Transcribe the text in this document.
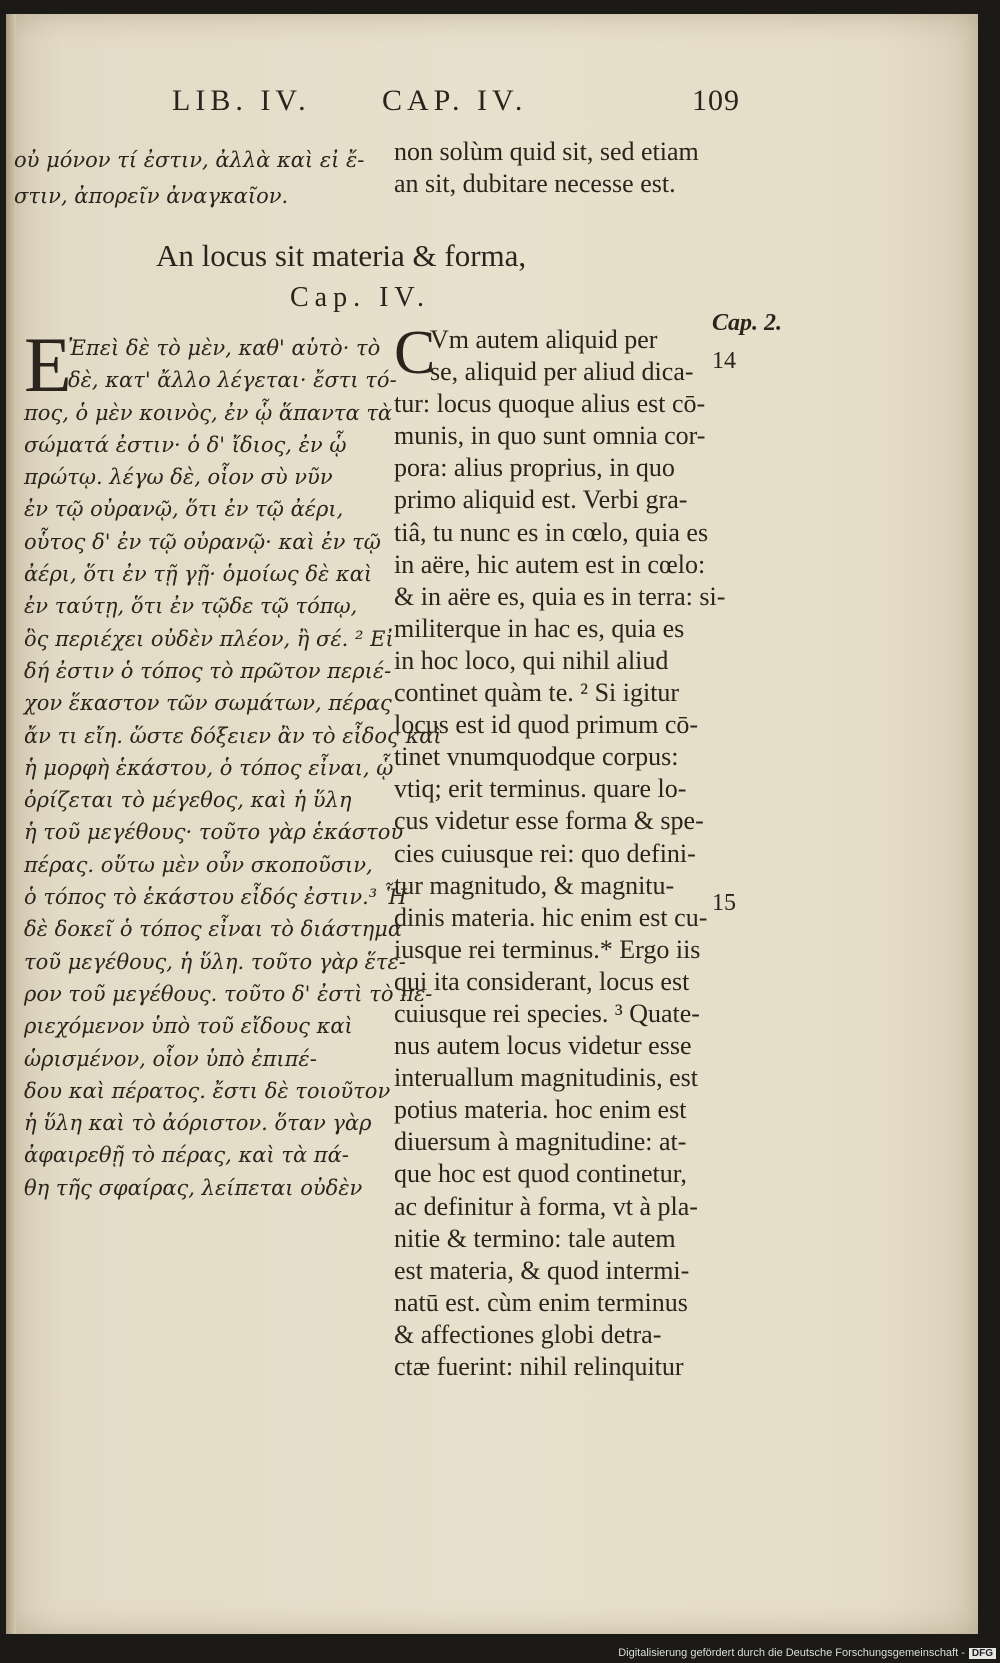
LIB. IV. CAP. IV.	109
οὐ μόνον τί ἐστιν, ἀλλὰ καὶ εἰ ἔ-
στιν, ἀπορεῖν ἀναγκαῖον.
non solùm quid sit, sed etiam
an sit, dubitare necesse est.
An locus sit materia & forma,
Cap. IV.
E
Ἐπεὶ δὲ τὸ μὲν, καθ' αὑτὸ· τὸ
δὲ, κατ' ἄλλο λέγεται· ἔστι τό-
πος, ὁ μὲν κοινὸς, ἐν ᾧ ἅπαντα τὰ
σώματά ἐστιν· ὁ δ' ἴδιος, ἐν ᾧ
πρώτῳ. λέγω δὲ, οἷον σὺ νῦν
ἐν τῷ οὐρανῷ, ὅτι ἐν τῷ ἀέρι,
οὗτος δ' ἐν τῷ οὐρανῷ· καὶ ἐν τῷ
ἀέρι, ὅτι ἐν τῇ γῇ· ὁμοίως δὲ καὶ
ἐν ταύτῃ, ὅτι ἐν τῷδε τῷ τόπῳ,
ὃς περιέχει οὐδὲν πλέον, ἢ σέ. ² Εἰ
δή ἐστιν ὁ τόπος τὸ πρῶτον περιέ-
χον ἕκαστον τῶν σωμάτων, πέρας
ἄν τι εἴη. ὥστε δόξειεν ἂν τὸ εἶδος καὶ
ἡ μορφὴ ἑκάστου, ὁ τόπος εἶναι, ᾧ
ὁρίζεται τὸ μέγεθος, καὶ ἡ ὕλη
ἡ τοῦ μεγέθους· τοῦτο γὰρ ἑκάστου
πέρας. οὕτω μὲν οὖν σκοποῦσιν,
ὁ τόπος τὸ ἑκάστου εἶδός ἐστιν.³ Ἧ
δὲ δοκεῖ ὁ τόπος εἶναι τὸ διάστημα
τοῦ μεγέθους, ἡ ὕλη. τοῦτο γὰρ ἕτε-
ρον τοῦ μεγέθους. τοῦτο δ' ἐστὶ τὸ πε-
ριεχόμενον ὑπὸ τοῦ εἴδους καὶ
ὡρισμένον, οἷον ὑπὸ ἐπιπέ-
δου καὶ πέρατος. ἔστι δὲ τοιοῦτον
ἡ ὕλη καὶ τὸ ἀόριστον. ὅταν γὰρ
ἀφαιρεθῇ τὸ πέρας, καὶ τὰ πά-
θη τῆς σφαίρας, λείπεται οὐδὲν
C
Vm autem aliquid per
se, aliquid per aliud dica-
tur: locus quoque alius est cō-
munis, in quo sunt omnia cor-
pora: alius proprius, in quo
primo aliquid est. Verbi gra-
tiâ, tu nunc es in cœlo, quia es
in aëre, hic autem est in cœlo:
& in aëre es, quia es in terra: si-
militerque in hac es, quia es
in hoc loco, qui nihil aliud
continet quàm te. ² Si igitur
locus est id quod primum cō-
tinet vnumquodque corpus:
vtiq; erit terminus. quare lo-
cus videtur esse forma & spe-
cies cuiusque rei: quo defini-
tur magnitudo, & magnitu-
dinis materia. hic enim est cu-
iusque rei terminus.* Ergo iis
qui ita considerant, locus est
cuiusque rei species. ³ Quate-
nus autem locus videtur esse
interuallum magnitudinis, est
potius materia. hoc enim est
diuersum à magnitudine: at-
que hoc est quod continetur,
ac definitur à forma, vt à pla-
nitie & termino: tale autem
est materia, & quod intermi-
natū est. cùm enim terminus
& affectiones globi detra-
ctæ fuerint: nihil relinquitur
Cap. 2.
14
15
Digitalisierung gefördert durch die Deutsche Forschungsgemeinschaft - DFG
